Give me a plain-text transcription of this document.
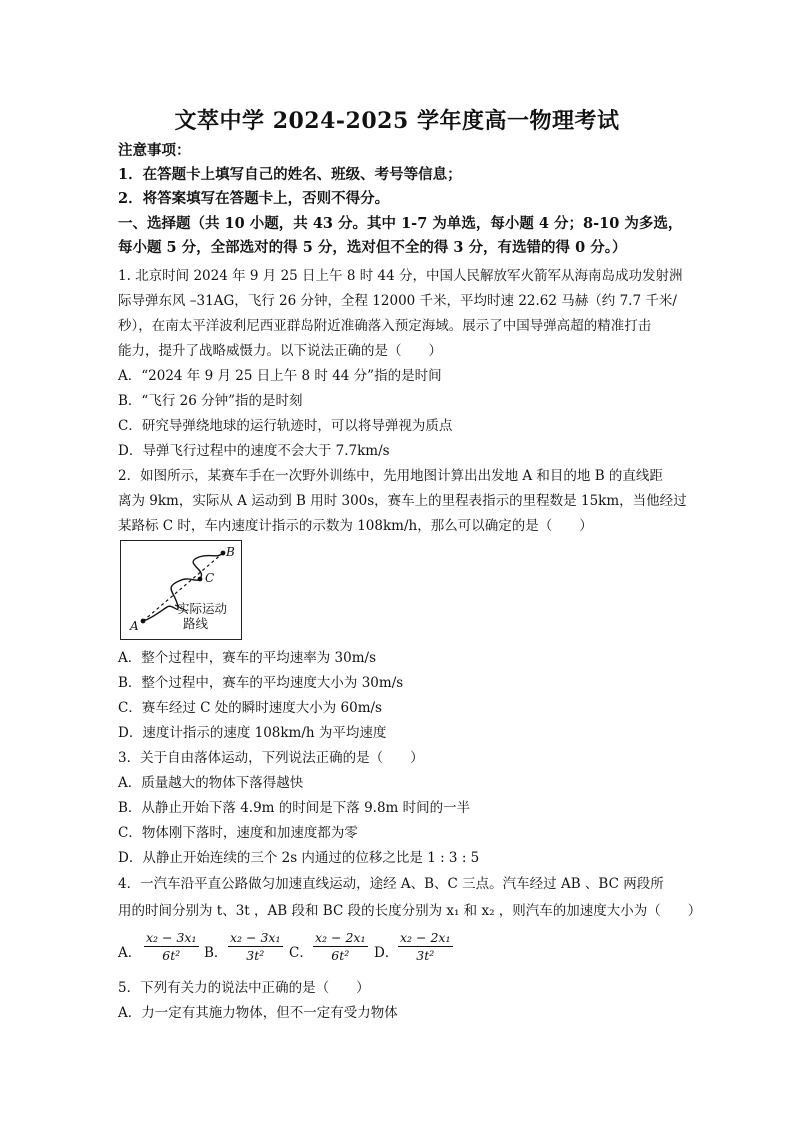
文萃中学 2024-2025 学年度高一物理考试
注意事项：
1．在答题卡上填写自己的姓名、班级、考号等信息；
2．将答案填写在答题卡上，否则不得分。
一、选择题（共 10 小题，共 43 分。其中 1-7 为单选，每小题 4 分；8-10 为多选，
每小题 5 分，全部选对的得 5 分，选对但不全的得 3 分，有选错的得 0 分。）
1. 北京时间 2024 年 9 月 25 日上午 8 时 44 分，中国人民解放军火箭军从海南岛成功发射洲
际导弹东风 –31AG，飞行 26 分钟，全程 12000 千米，平均时速 22.62 马赫（约 7.7 千米/
秒），在南太平洋波利尼西亚群岛附近准确落入预定海域。展示了中国导弹高超的精准打击
能力，提升了战略威慑力。以下说法正确的是（　　）
A．“2024 年 9 月 25 日上午 8 时 44 分”指的是时间
B．“飞行 26 分钟”指的是时刻
C．研究导弹绕地球的运行轨迹时，可以将导弹视为质点
D．导弹飞行过程中的速度不会大于 7.7km/s
2．如图所示，某赛车手在一次野外训练中，先用地图计算出出发地 A 和目的地 B 的直线距
离为 9km，实际从 A 运动到 B 用时 300s，赛车上的里程表指示的里程数是 15km，当他经过
某路标 C 时，车内速度计指示的示数为 108km/h，那么可以确定的是（　　）
A
B
C
实际运动
路线
A．整个过程中，赛车的平均速率为 30m/s
B．整个过程中，赛车的平均速度大小为 30m/s
C．赛车经过 C 处的瞬时速度大小为 60m/s
D．速度计指示的速度 108km/h 为平均速度
3．关于自由落体运动，下列说法正确的是（　　）
A．质量越大的物体下落得越快
B．从静止开始下落 4.9m 的时间是下落 9.8m 时间的一半
C．物体刚下落时，速度和加速度都为零
D．从静止开始连续的三个 2s 内通过的位移之比是 1 : 3 : 5
4．一汽车沿平直公路做匀加速直线运动，途经 A、B、C 三点。汽车经过 AB 、BC 两段所
用的时间分别为 t、3t ，AB 段和 BC 段的长度分别为 x₁ 和 x₂ ，则汽车的加速度大小为（　　）
A． $\frac{\text{x₂ − 3x₁}}{\text{6t²}}$ B． $\frac{\text{x₂ − 3x₁}}{\text{3t²}}$ C． $\frac{\text{x₂ − 2x₁}}{\text{6t²}}$ D． $\frac{\text{x₂ − 2x₁}}{\text{3t²}}$
5．下列有关力的说法中正确的是（　　）
A．力一定有其施力物体，但不一定有受力物体
